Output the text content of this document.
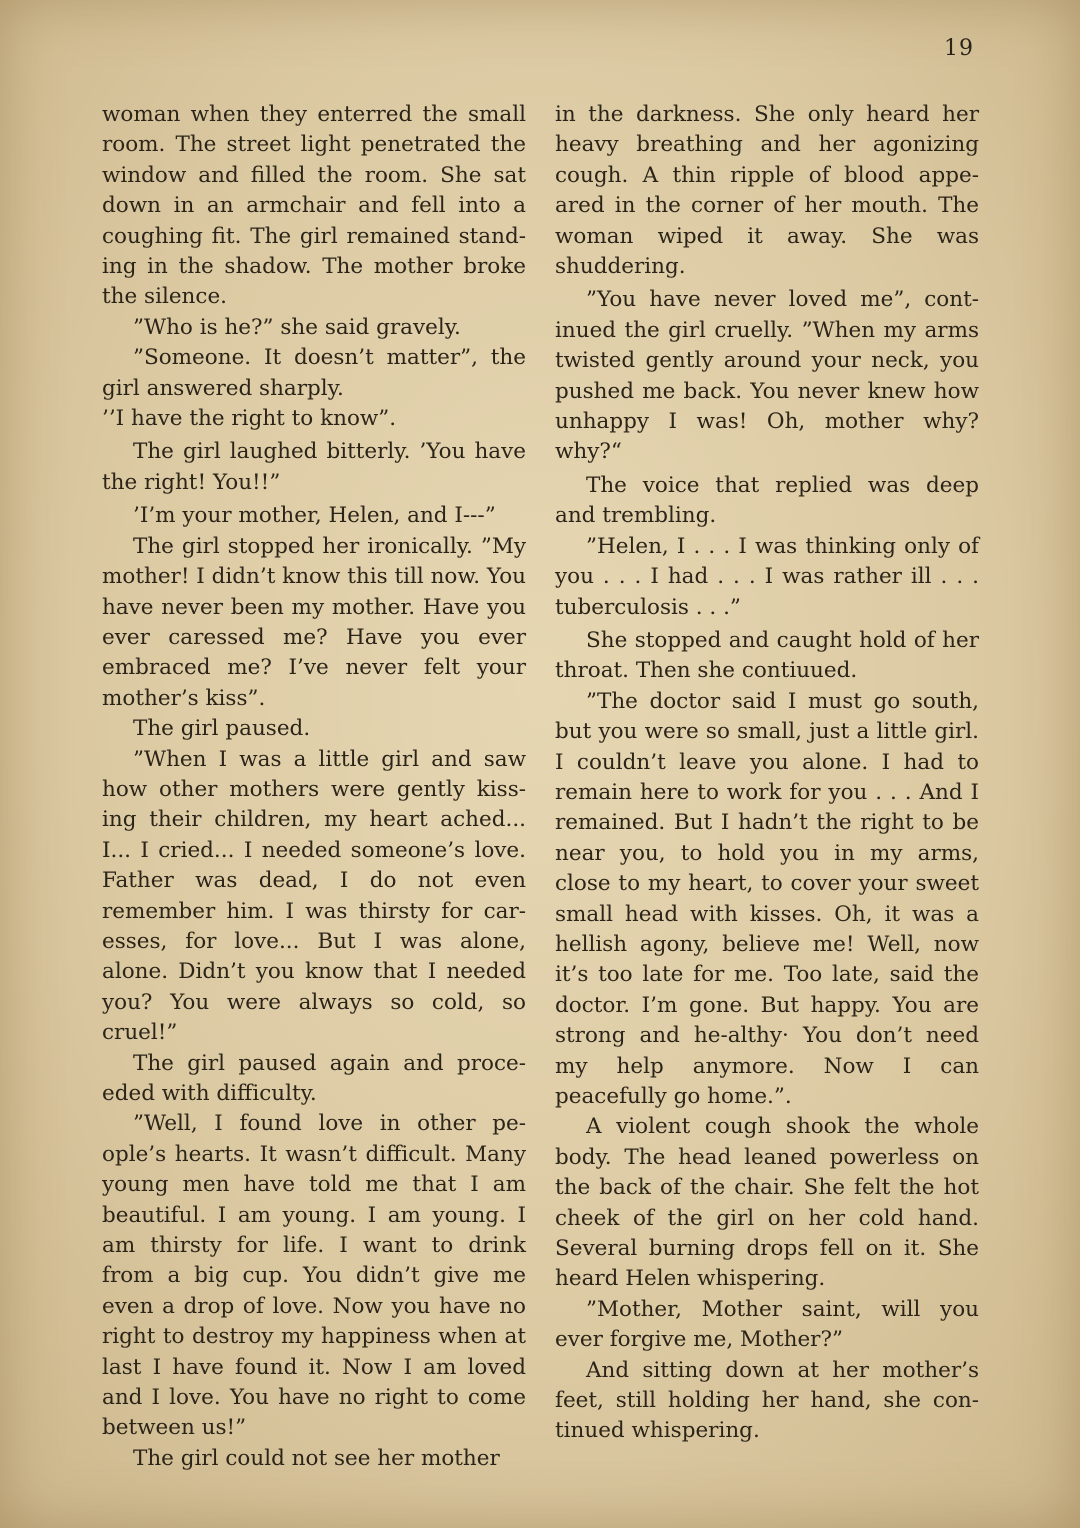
19

woman when they enterred the small room. The street light penetrated the window and filled the room. She sat down in an armchair and fell into a coughing fit. The girl remained stand-ing in the shadow. The mother broke the silence.

”Who is he?” she said gravely.

”Someone. It doesn’t matter”, the girl answered sharply.

’’I have the right to know”.

The girl laughed bitterly. ’You have the right! You!!”

’I’m your mother, Helen, and I---”

The girl stopped her ironically. ”My mother! I didn’t know this till now. You have never been my mother. Have you ever caressed me? Have you ever embraced me? I’ve never felt your mother’s kiss”.

The girl paused.

”When I was a little girl and saw how other mothers were gently kiss-ing their children, my heart ached... I... I cried... I needed someone’s love. Father was dead, I do not even remember him. I was thirsty for car-esses, for love... But I was alone, alone. Didn’t you know that I needed you? You were always so cold, so cruel!”

The girl paused again and proce-eded with difficulty.

”Well, I found love in other pe-ople’s hearts. It wasn’t difficult. Many young men have told me that I am beautiful. I am young. I am young. I am thirsty for life. I want to drink from a big cup. You didn’t give me even a drop of love. Now you have no right to destroy my happiness when at last I have found it. Now I am loved and I love. You have no right to come between us!”

The girl could not see her mother

in the darkness. She only heard her heavy breathing and her agonizing cough. A thin ripple of blood appe-ared in the corner of her mouth. The woman wiped it away. She was shuddering.

”You have never loved me”, cont-inued the girl cruelly. ”When my arms twisted gently around your neck, you pushed me back. You never knew how unhappy I was! Oh, mother why? why?“

The voice that replied was deep and trembling.

”Helen, I . . . I was thinking only of you . . . I had . . . I was rather ill . . . tuberculosis . . .”

She stopped and caught hold of her throat. Then she contiuued.

”The doctor said I must go south, but you were so small, just a little girl. I couldn’t leave you alone. I had to remain here to work for you . . . And I remained. But I hadn’t the right to be near you, to hold you in my arms, close to my heart, to cover your sweet small head with kisses. Oh, it was a hellish agony, believe me! Well, now it’s too late for me. Too late, said the doctor. I’m gone. But happy. You are strong and he-althy· You don’t need my help anymore. Now I can peacefully go home.”.

A violent cough shook the whole body. The head leaned powerless on the back of the chair. She felt the hot cheek of the girl on her cold hand. Several burning drops fell on it. She heard Helen whispering.

”Mother, Mother saint, will you ever forgive me, Mother?”

And sitting down at her mother’s feet, still holding her hand, she con-tinued whispering.
